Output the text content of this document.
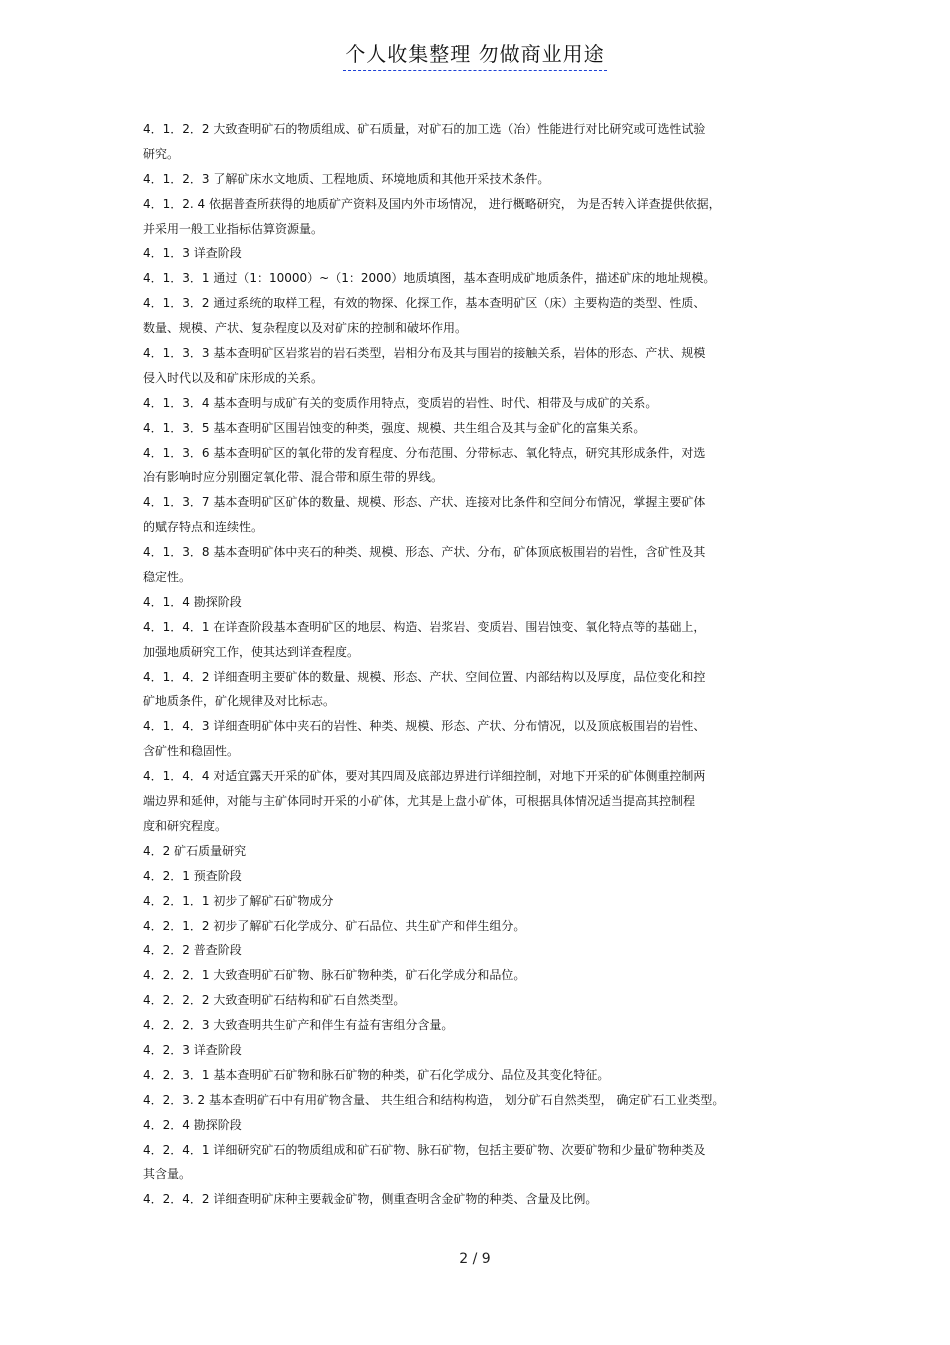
个人收集整理 勿做商业用途
4．1．2．2 大致查明矿石的物质组成、矿石质量，对矿石的加工选（冶）性能进行对比研究或可选性试验
研究。
4．1．2．3 了解矿床水文地质、工程地质、环境地质和其他开采技术条件。
4．1．2. 4 依据普查所获得的地质矿产资料及国内外市场情况， 进行概略研究， 为是否转入详查提供依据，
并采用一般工业指标估算资源量。
4．1．3 详查阶段
4．1．3．1 通过（1：10000）~（1：2000）地质填图，基本查明成矿地质条件，描述矿床的地址规模。
4．1．3．2 通过系统的取样工程，有效的物探、化探工作，基本查明矿区（床）主要构造的类型、性质、
数量、规模、产状、复杂程度以及对矿床的控制和破坏作用。
4．1．3．3 基本查明矿区岩浆岩的岩石类型，岩相分布及其与围岩的接触关系，岩体的形态、产状、规模
侵入时代以及和矿床形成的关系。
4．1．3．4 基本查明与成矿有关的变质作用特点，变质岩的岩性、时代、相带及与成矿的关系。
4．1．3．5 基本查明矿区围岩蚀变的种类，强度、规模、共生组合及其与金矿化的富集关系。
4．1．3．6 基本查明矿区的氧化带的发育程度、分布范围、分带标志、氧化特点，研究其形成条件，对选
冶有影响时应分别圈定氧化带、混合带和原生带的界线。
4．1．3．7 基本查明矿区矿体的数量、规模、形态、产状、连接对比条件和空间分布情况，掌握主要矿体
的赋存特点和连续性。
4．1．3．8 基本查明矿体中夹石的种类、规模、形态、产状、分布，矿体顶底板围岩的岩性，含矿性及其
稳定性。
4．1．4 勘探阶段
4．1．4．1 在详查阶段基本查明矿区的地层、构造、岩浆岩、变质岩、围岩蚀变、氧化特点等的基础上，
加强地质研究工作，使其达到详查程度。
4．1．4．2 详细查明主要矿体的数量、规模、形态、产状、空间位置、内部结构以及厚度，品位变化和控
矿地质条件，矿化规律及对比标志。
4．1．4．3 详细查明矿体中夹石的岩性、种类、规模、形态、产状、分布情况，以及顶底板围岩的岩性、
含矿性和稳固性。
4．1．4．4 对适宜露天开采的矿体，要对其四周及底部边界进行详细控制，对地下开采的矿体侧重控制两
端边界和延伸，对能与主矿体同时开采的小矿体，尤其是上盘小矿体，可根据具体情况适当提高其控制程
度和研究程度。
4．2 矿石质量研究
4．2．1 预查阶段
4．2．1．1 初步了解矿石矿物成分
4．2．1．2 初步了解矿石化学成分、矿石品位、共生矿产和伴生组分。
4．2．2 普查阶段
4．2．2．1 大致查明矿石矿物、脉石矿物种类，矿石化学成分和品位。
4．2．2．2 大致查明矿石结构和矿石自然类型。
4．2．2．3 大致查明共生矿产和伴生有益有害组分含量。
4．2．3 详查阶段
4．2．3．1 基本查明矿石矿物和脉石矿物的种类，矿石化学成分、品位及其变化特征。
4．2．3. 2 基本查明矿石中有用矿物含量、 共生组合和结构构造， 划分矿石自然类型， 确定矿石工业类型。
4．2．4 勘探阶段
4．2．4．1 详细研究矿石的物质组成和矿石矿物、脉石矿物，包括主要矿物、次要矿物和少量矿物种类及
其含量。
4．2．4．2 详细查明矿床种主要载金矿物，侧重查明含金矿物的种类、含量及比例。
2 / 9
